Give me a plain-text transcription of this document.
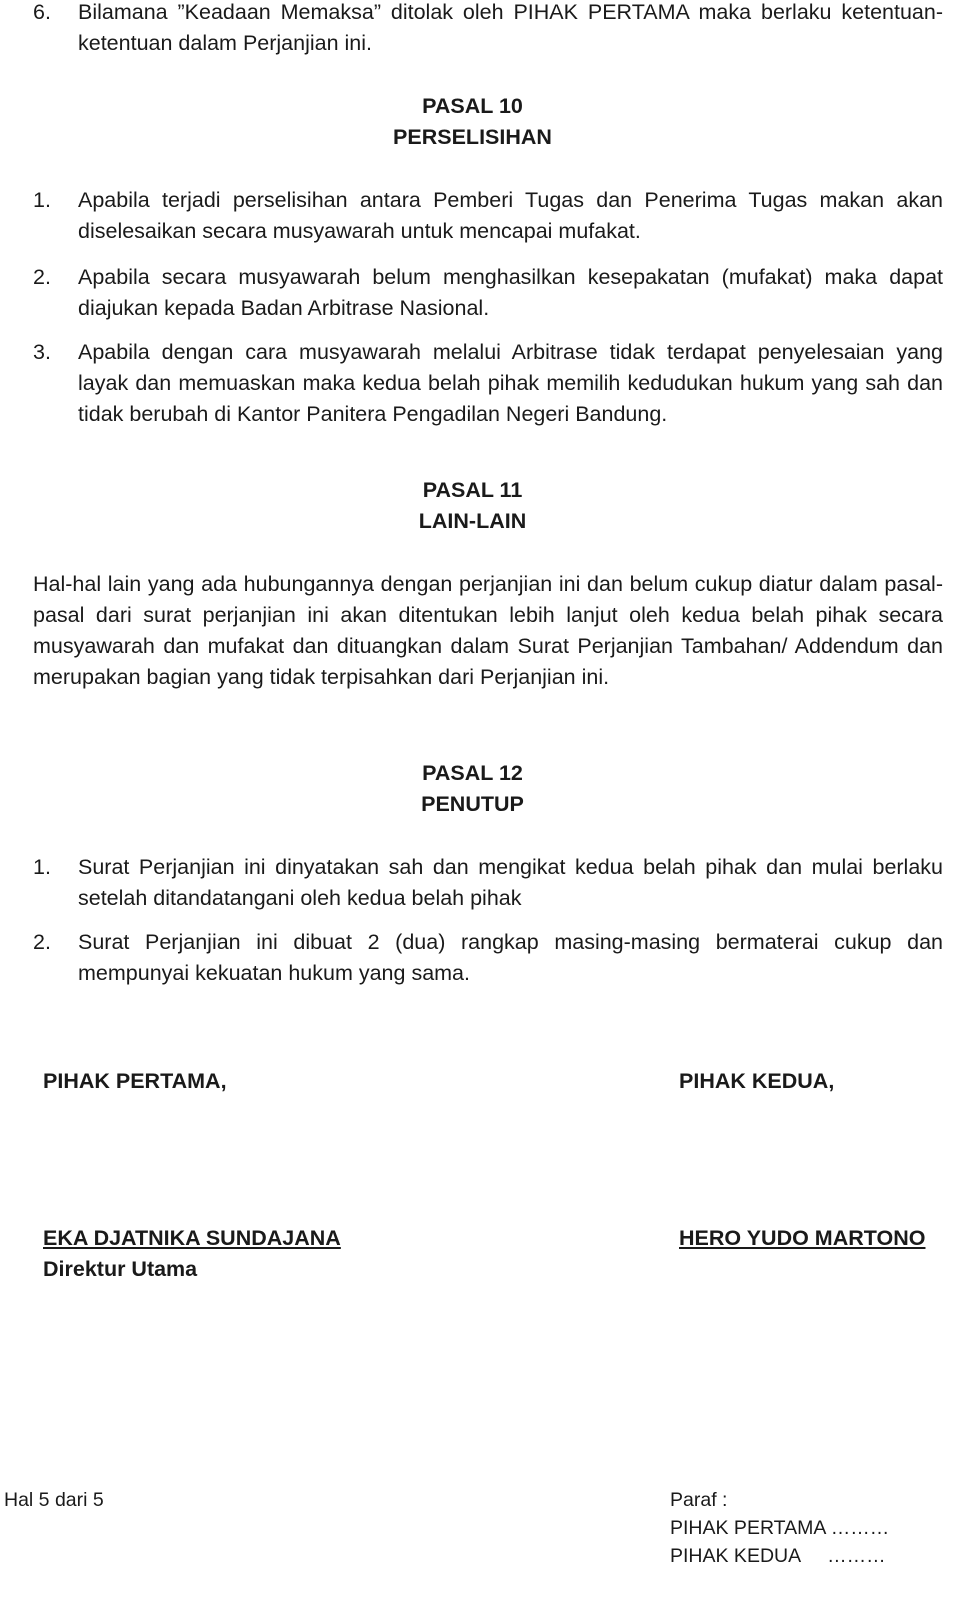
6.	Bilamana ”Keadaan Memaksa” ditolak oleh PIHAK PERTAMA maka berlaku ketentuan-ketentuan dalam Perjanjian ini.
PASAL 10
PERSELISIHAN
1.	Apabila terjadi perselisihan antara Pemberi Tugas dan Penerima Tugas makan akan diselesaikan secara musyawarah untuk mencapai mufakat.
2.	Apabila secara musyawarah belum menghasilkan kesepakatan (mufakat) maka dapat diajukan kepada Badan Arbitrase Nasional.
3.	Apabila dengan cara musyawarah melalui Arbitrase tidak terdapat penyelesaian yang layak dan memuaskan maka kedua belah pihak memilih kedudukan hukum yang sah dan tidak berubah di Kantor Panitera Pengadilan Negeri Bandung.
PASAL 11
LAIN-LAIN
Hal-hal lain yang ada hubungannya dengan perjanjian ini dan belum cukup diatur dalam pasal-pasal dari surat perjanjian ini akan ditentukan lebih lanjut oleh kedua belah pihak secara musyawarah dan mufakat dan dituangkan dalam Surat Perjanjian Tambahan/ Addendum dan merupakan bagian yang tidak terpisahkan dari Perjanjian ini.
PASAL 12
PENUTUP
1.	Surat Perjanjian ini dinyatakan sah dan mengikat kedua belah pihak dan mulai berlaku setelah ditandatangani oleh kedua belah pihak
2.	Surat Perjanjian ini dibuat 2 (dua) rangkap masing-masing bermaterai cukup dan mempunyai kekuatan hukum yang sama.
PIHAK PERTAMA,	PIHAK KEDUA,
EKA DJATNIKA SUNDAJANA
Direktur Utama
HERO YUDO MARTONO
Hal 5 dari 5	Paraf :
PIHAK PERTAMA ………
PIHAK KEDUA     ………
